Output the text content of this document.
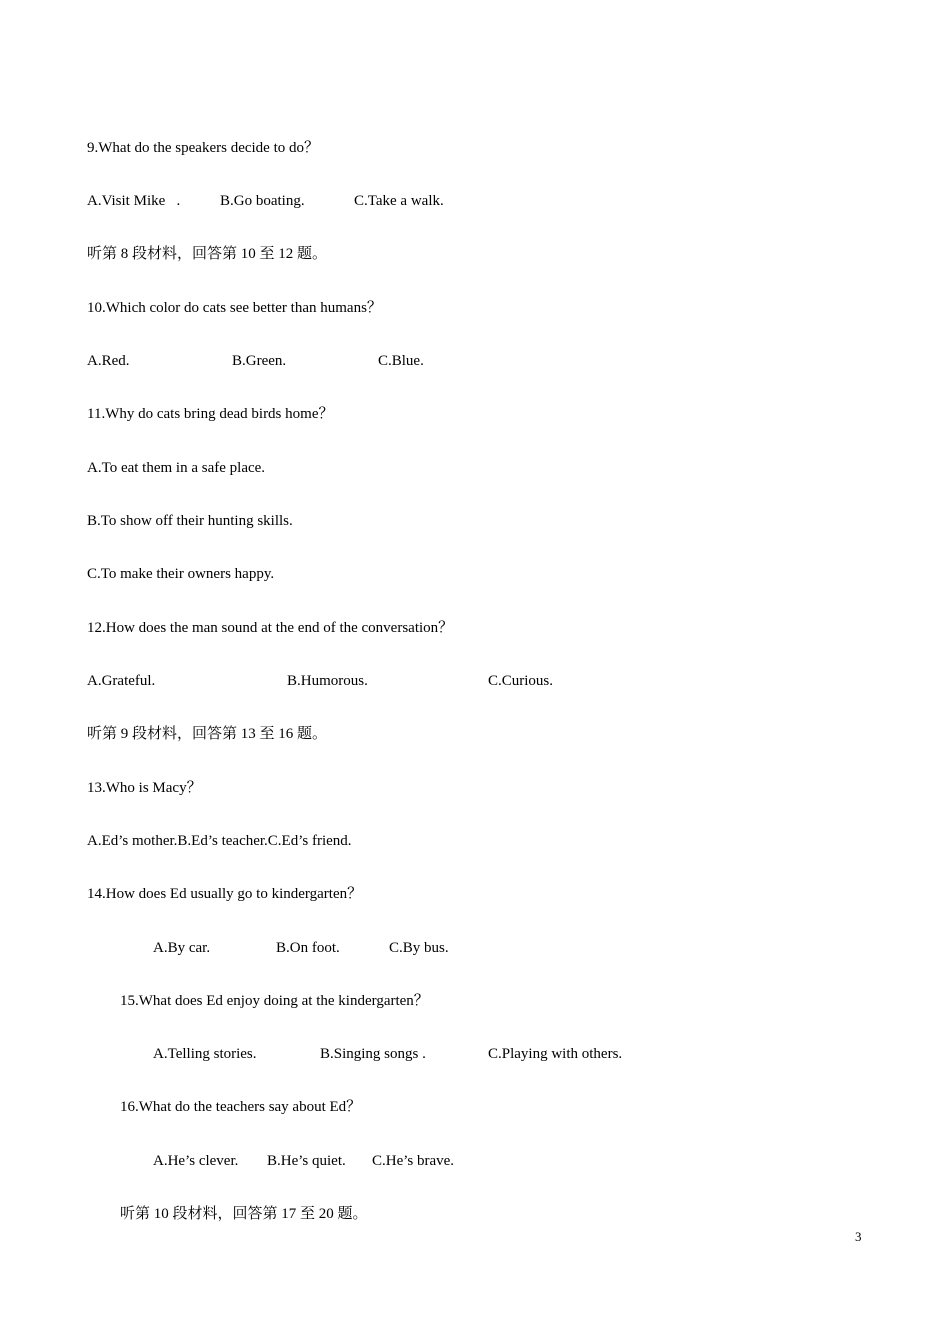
9.What do the speakers decide to do？
A.Visit Mike   .	B.Go boating.	C.Take a walk.
听第 8 段材料，回答第 10 至 12 题。
10.Which color do cats see better than humans？
A.Red.	B.Green.	C.Blue.
11.Why do cats bring dead birds home？
A.To eat them in a safe place.
B.To show off their hunting skills.
C.To make their owners happy.
12.How does the man sound at the end of the conversation？
A.Grateful.	B.Humorous.	C.Curious.
听第 9 段材料，回答第 13 至 16 题。
13.Who is Macy？
A.Ed’s mother.B.Ed’s teacher.C.Ed’s friend.
14.How does Ed usually go to kindergarten？
A.By car.	B.On foot.	C.By bus.
15.What does Ed enjoy doing at the kindergarten？
A.Telling stories.	B.Singing songs .	C.Playing with others.
16.What do the teachers say about Ed？
A.He’s clever. B.He’s quiet. C.He’s brave.
听第 10 段材料，回答第 17 至 20 题。
3
